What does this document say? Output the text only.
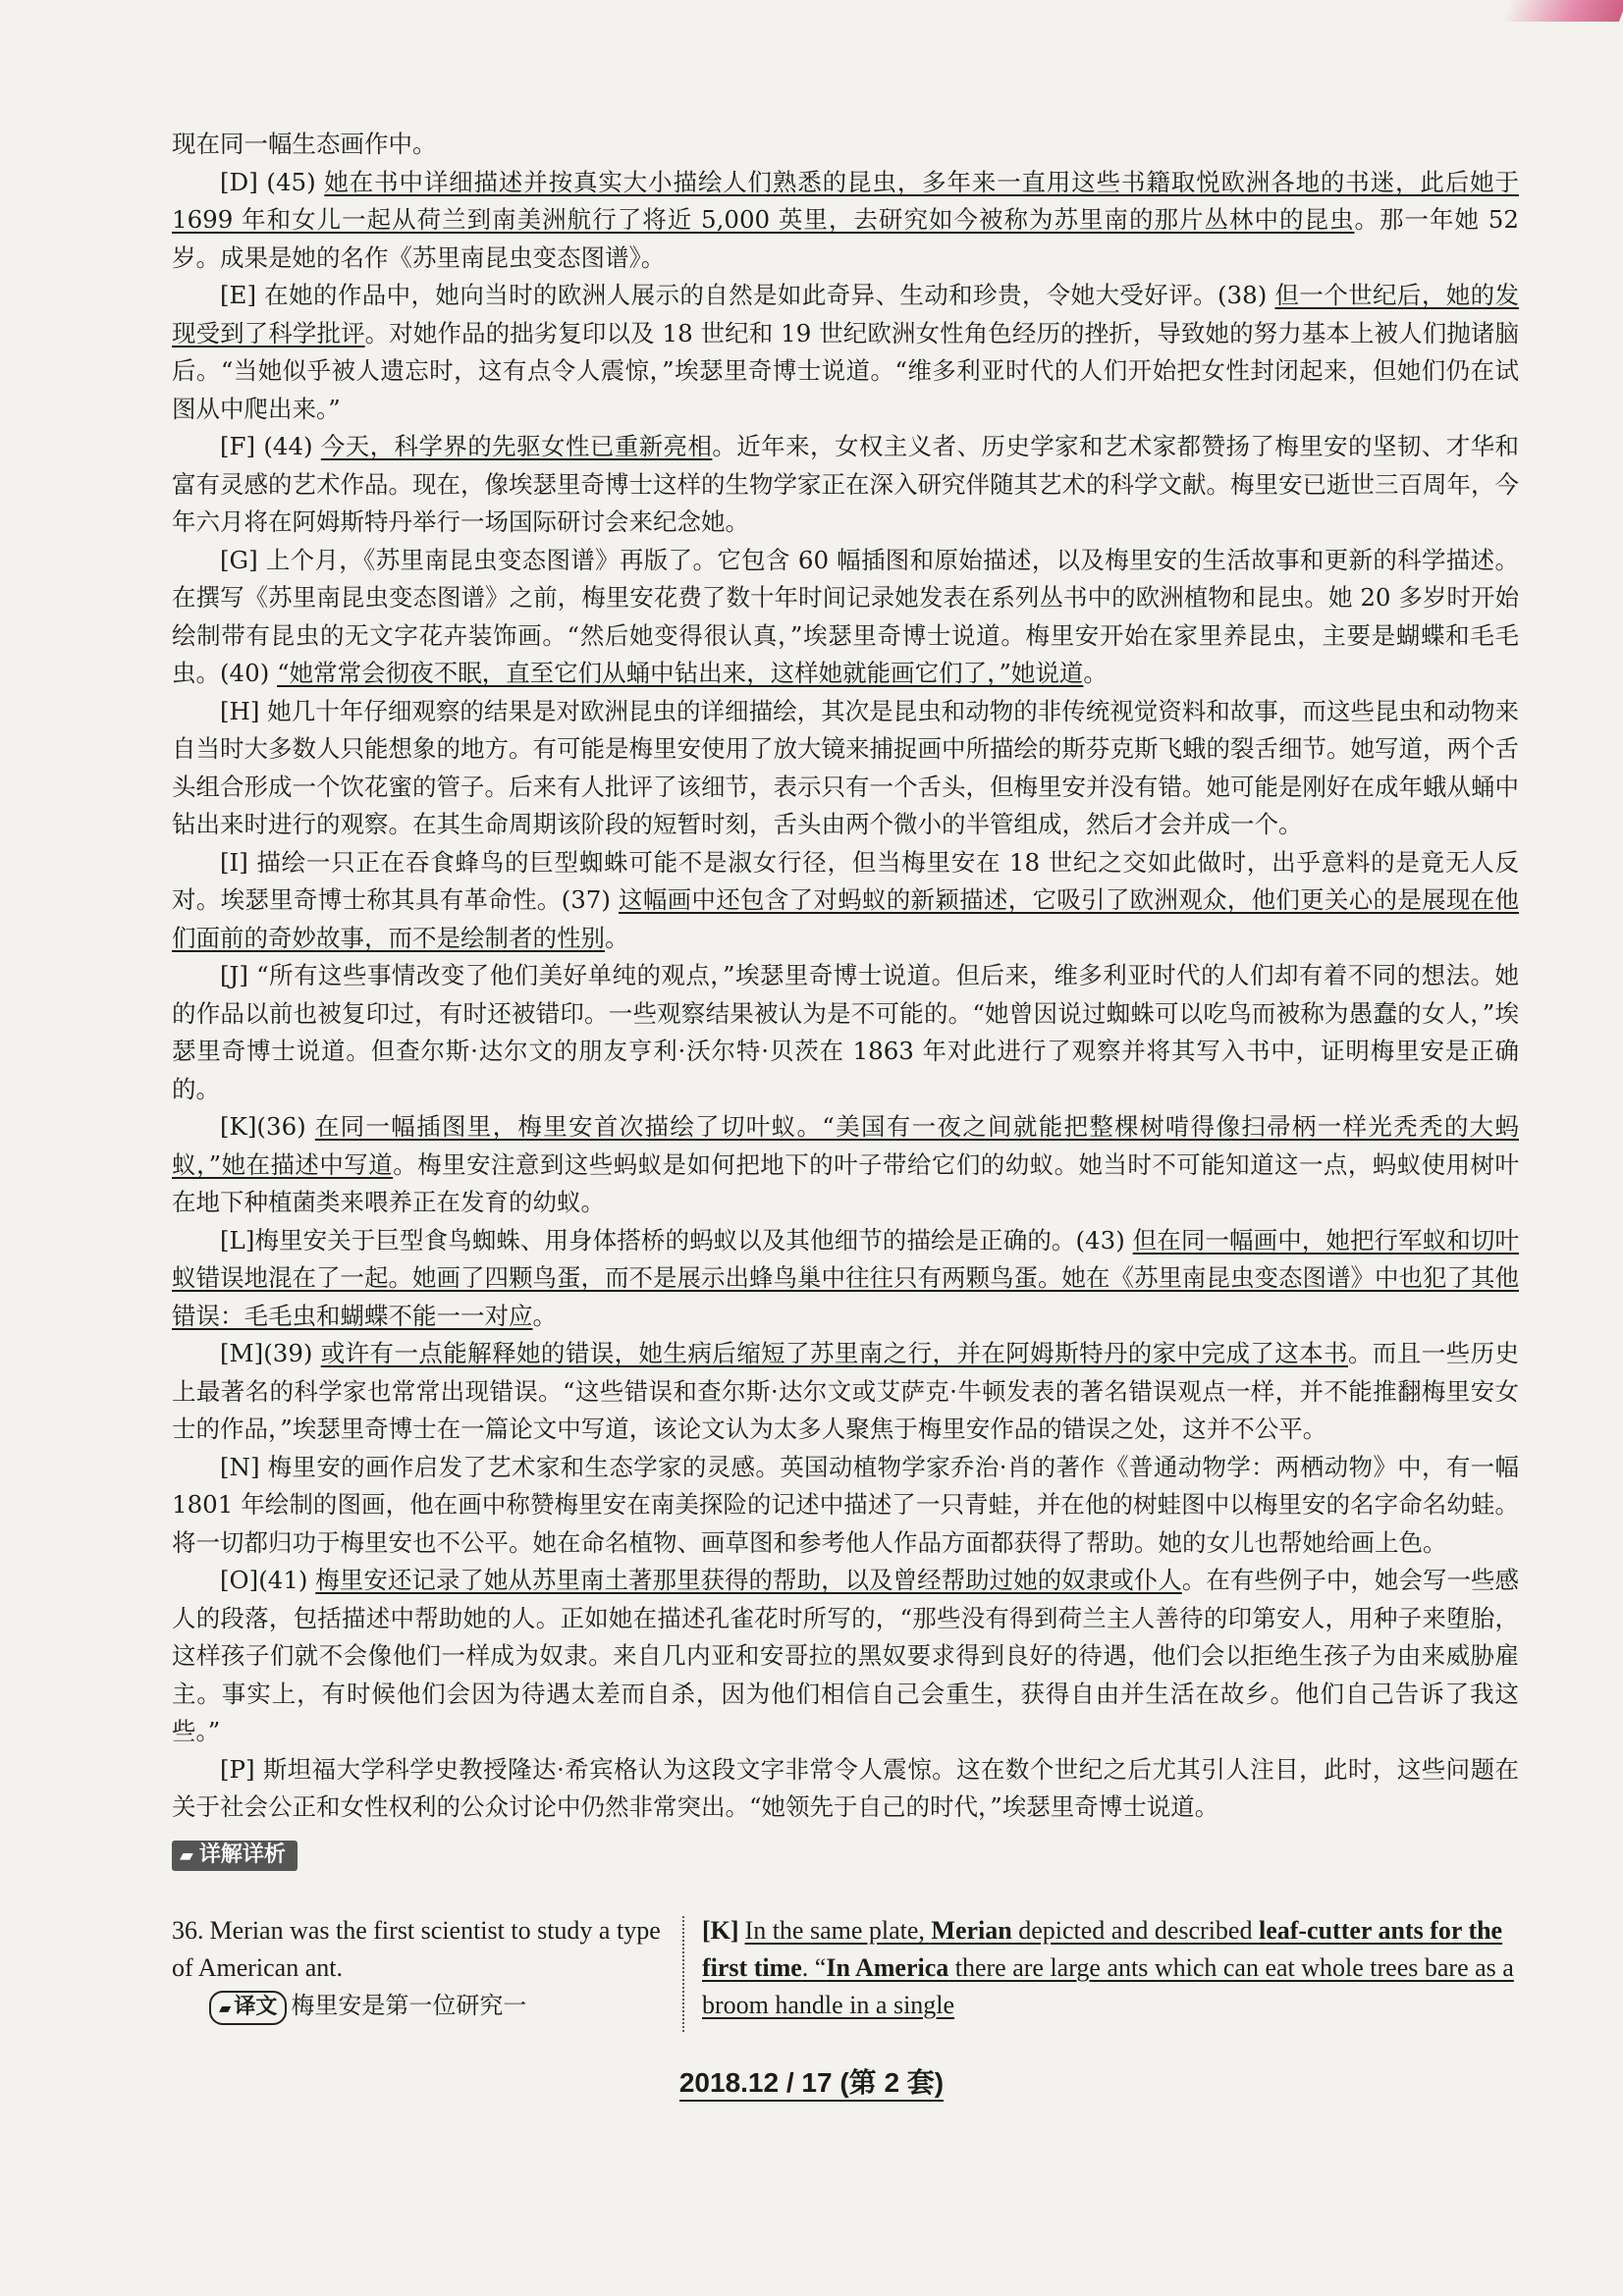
现在同一幅生态画作中。

[D] (45) 她在书中详细描述并按真实大小描绘人们熟悉的昆虫，多年来一直用这些书籍取悦欧洲各地的书迷，此后她于 1699 年和女儿一起从荷兰到南美洲航行了将近 5,000 英里，去研究如今被称为苏里南的那片丛林中的昆虫。那一年她 52 岁。成果是她的名作《苏里南昆虫变态图谱》。

[E] 在她的作品中，她向当时的欧洲人展示的自然是如此奇异、生动和珍贵，令她大受好评。(38) 但一个世纪后，她的发现受到了科学批评。对她作品的拙劣复印以及 18 世纪和 19 世纪欧洲女性角色经历的挫折，导致她的努力基本上被人们抛诸脑后。“当她似乎被人遗忘时，这有点令人震惊，”埃瑟里奇博士说道。“维多利亚时代的人们开始把女性封闭起来，但她们仍在试图从中爬出来。”

[F] (44) 今天，科学界的先驱女性已重新亮相。近年来，女权主义者、历史学家和艺术家都赞扬了梅里安的坚韧、才华和富有灵感的艺术作品。现在，像埃瑟里奇博士这样的生物学家正在深入研究伴随其艺术的科学文献。梅里安已逝世三百周年，今年六月将在阿姆斯特丹举行一场国际研讨会来纪念她。

[G] 上个月，《苏里南昆虫变态图谱》再版了。它包含 60 幅插图和原始描述，以及梅里安的生活故事和更新的科学描述。在撰写《苏里南昆虫变态图谱》之前，梅里安花费了数十年时间记录她发表在系列丛书中的欧洲植物和昆虫。她 20 多岁时开始绘制带有昆虫的无文字花卉装饰画。“然后她变得很认真，”埃瑟里奇博士说道。梅里安开始在家里养昆虫，主要是蝴蝶和毛毛虫。(40) “她常常会彻夜不眠，直至它们从蛹中钻出来，这样她就能画它们了，”她说道。

[H] 她几十年仔细观察的结果是对欧洲昆虫的详细描绘，其次是昆虫和动物的非传统视觉资料和故事，而这些昆虫和动物来自当时大多数人只能想象的地方。有可能是梅里安使用了放大镜来捕捉画中所描绘的斯芬克斯飞蛾的裂舌细节。她写道，两个舌头组合形成一个饮花蜜的管子。后来有人批评了该细节，表示只有一个舌头，但梅里安并没有错。她可能是刚好在成年蛾从蛹中钻出来时进行的观察。在其生命周期该阶段的短暂时刻，舌头由两个微小的半管组成，然后才会并成一个。

[I] 描绘一只正在吞食蜂鸟的巨型蜘蛛可能不是淑女行径，但当梅里安在 18 世纪之交如此做时，出乎意料的是竟无人反对。埃瑟里奇博士称其具有革命性。(37) 这幅画中还包含了对蚂蚁的新颖描述，它吸引了欧洲观众，他们更关心的是展现在他们面前的奇妙故事，而不是绘制者的性别。

[J] “所有这些事情改变了他们美好单纯的观点，”埃瑟里奇博士说道。但后来，维多利亚时代的人们却有着不同的想法。她的作品以前也被复印过，有时还被错印。一些观察结果被认为是不可能的。“她曾因说过蜘蛛可以吃鸟而被称为愚蠢的女人，”埃瑟里奇博士说道。但查尔斯·达尔文的朋友亨利·沃尔特·贝茨在 1863 年对此进行了观察并将其写入书中，证明梅里安是正确的。

[K](36) 在同一幅插图里，梅里安首次描绘了切叶蚁。“美国有一夜之间就能把整棵树啃得像扫帚柄一样光秃秃的大蚂蚁，”她在描述中写道。梅里安注意到这些蚂蚁是如何把地下的叶子带给它们的幼蚁。她当时不可能知道这一点，蚂蚁使用树叶在地下种植菌类来喂养正在发育的幼蚁。

[L]梅里安关于巨型食鸟蜘蛛、用身体搭桥的蚂蚁以及其他细节的描绘是正确的。(43) 但在同一幅画中，她把行军蚁和切叶蚁错误地混在了一起。她画了四颗鸟蛋，而不是展示出蜂鸟巢中往往只有两颗鸟蛋。她在《苏里南昆虫变态图谱》中也犯了其他错误：毛毛虫和蝴蝶不能一一对应。

[M](39) 或许有一点能解释她的错误，她生病后缩短了苏里南之行，并在阿姆斯特丹的家中完成了这本书。而且一些历史上最著名的科学家也常常出现错误。“这些错误和查尔斯·达尔文或艾萨克·牛顿发表的著名错误观点一样，并不能推翻梅里安女士的作品，”埃瑟里奇博士在一篇论文中写道，该论文认为太多人聚焦于梅里安作品的错误之处，这并不公平。

[N] 梅里安的画作启发了艺术家和生态学家的灵感。英国动植物学家乔治·肖的著作《普通动物学：两栖动物》中，有一幅 1801 年绘制的图画，他在画中称赞梅里安在南美探险的记述中描述了一只青蛙，并在他的树蛙图中以梅里安的名字命名幼蛙。将一切都归功于梅里安也不公平。她在命名植物、画草图和参考他人作品方面都获得了帮助。她的女儿也帮她给画上色。

[O](41) 梅里安还记录了她从苏里南土著那里获得的帮助，以及曾经帮助过她的奴隶或仆人。在有些例子中，她会写一些感人的段落，包括描述中帮助她的人。正如她在描述孔雀花时所写的，“那些没有得到荷兰主人善待的印第安人，用种子来堕胎，这样孩子们就不会像他们一样成为奴隶。来自几内亚和安哥拉的黑奴要求得到良好的待遇，他们会以拒绝生孩子为由来威胁雇主。事实上，有时候他们会因为待遇太差而自杀，因为他们相信自己会重生，获得自由并生活在故乡。他们自己告诉了我这些。”

[P] 斯坦福大学科学史教授隆达·希宾格认为这段文字非常令人震惊。这在数个世纪之后尤其引人注目，此时，这些问题在关于社会公正和女性权利的公众讨论中仍然非常突出。“她领先于自己的时代，”埃瑟里奇博士说道。

▰ 详解详析
36. Merian was the first scientist to study a type of American ant.
▰ 译文 梅里安是第一位研究一
[K] In the same plate, Merian depicted and described leaf-cutter ants for the first time. “In America there are large ants which can eat whole trees bare as a broom handle in a single
2018.12 / 17 (第 2 套)
